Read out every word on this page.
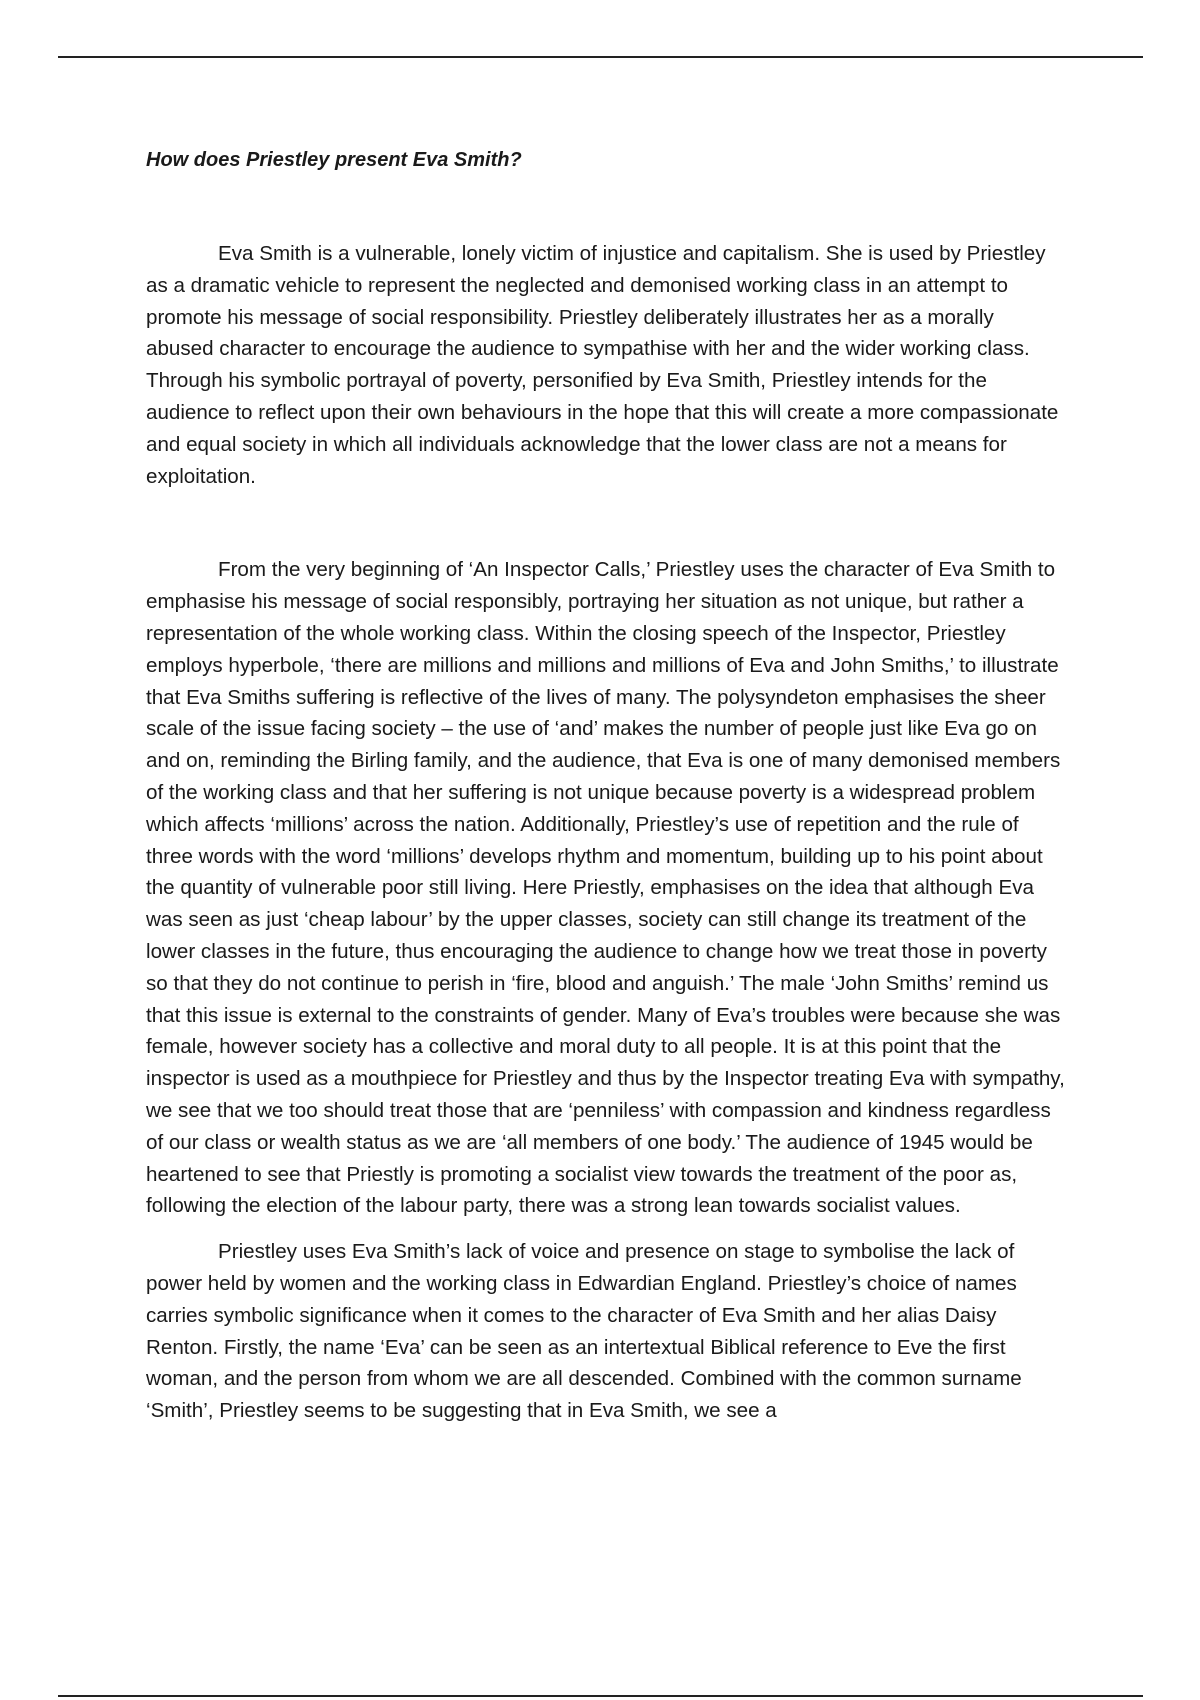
How does Priestley present Eva Smith?

Eva Smith is a vulnerable, lonely victim of injustice and capitalism. She is used by Priestley as a dramatic vehicle to represent the neglected and demonised working class in an attempt to promote his message of social responsibility. Priestley deliberately illustrates her as a morally abused character to encourage the audience to sympathise with her and the wider working class. Through his symbolic portrayal of poverty, personified by Eva Smith, Priestley intends for the audience to reflect upon their own behaviours in the hope that this will create a more compassionate and equal society in which all individuals acknowledge that the lower class are not a means for exploitation.

From the very beginning of ‘An Inspector Calls,’ Priestley uses the character of Eva Smith to emphasise his message of social responsibly, portraying her situation as not unique, but rather a representation of the whole working class. Within the closing speech of the Inspector, Priestley employs hyperbole, ‘there are millions and millions and millions of Eva and John Smiths,’ to illustrate that Eva Smiths suffering is reflective of the lives of many. The polysyndeton emphasises the sheer scale of the issue facing society – the use of ‘and’ makes the number of people just like Eva go on and on, reminding the Birling family, and the audience, that Eva is one of many demonised members of the working class and that her suffering is not unique because poverty is a widespread problem which affects ‘millions’ across the nation. Additionally, Priestley’s use of repetition and the rule of three words with the word ‘millions’ develops rhythm and momentum, building up to his point about the quantity of vulnerable poor still living. Here Priestly, emphasises on the idea that although Eva was seen as just ‘cheap labour’ by the upper classes, society can still change its treatment of the lower classes in the future, thus encouraging the audience to change how we treat those in poverty so that they do not continue to perish in ‘fire, blood and anguish.’ The male ‘John Smiths’ remind us that this issue is external to the constraints of gender. Many of Eva’s troubles were because she was female, however society has a collective and moral duty to all people. It is at this point that the inspector is used as a mouthpiece for Priestley and thus by the Inspector treating Eva with sympathy, we see that we too should treat those that are ‘penniless’ with compassion and kindness regardless of our class or wealth status as we are ‘all members of one body.’ The audience of 1945 would be heartened to see that Priestly is promoting a socialist view towards the treatment of the poor as, following the election of the labour party, there was a strong lean towards socialist values.

Priestley uses Eva Smith’s lack of voice and presence on stage to symbolise the lack of power held by women and the working class in Edwardian England. Priestley’s choice of names carries symbolic significance when it comes to the character of Eva Smith and her alias Daisy Renton. Firstly, the name ‘Eva’ can be seen as an intertextual Biblical reference to Eve the first woman, and the person from whom we are all descended. Combined with the common surname ‘Smith’, Priestley seems to be suggesting that in Eva Smith, we see a
